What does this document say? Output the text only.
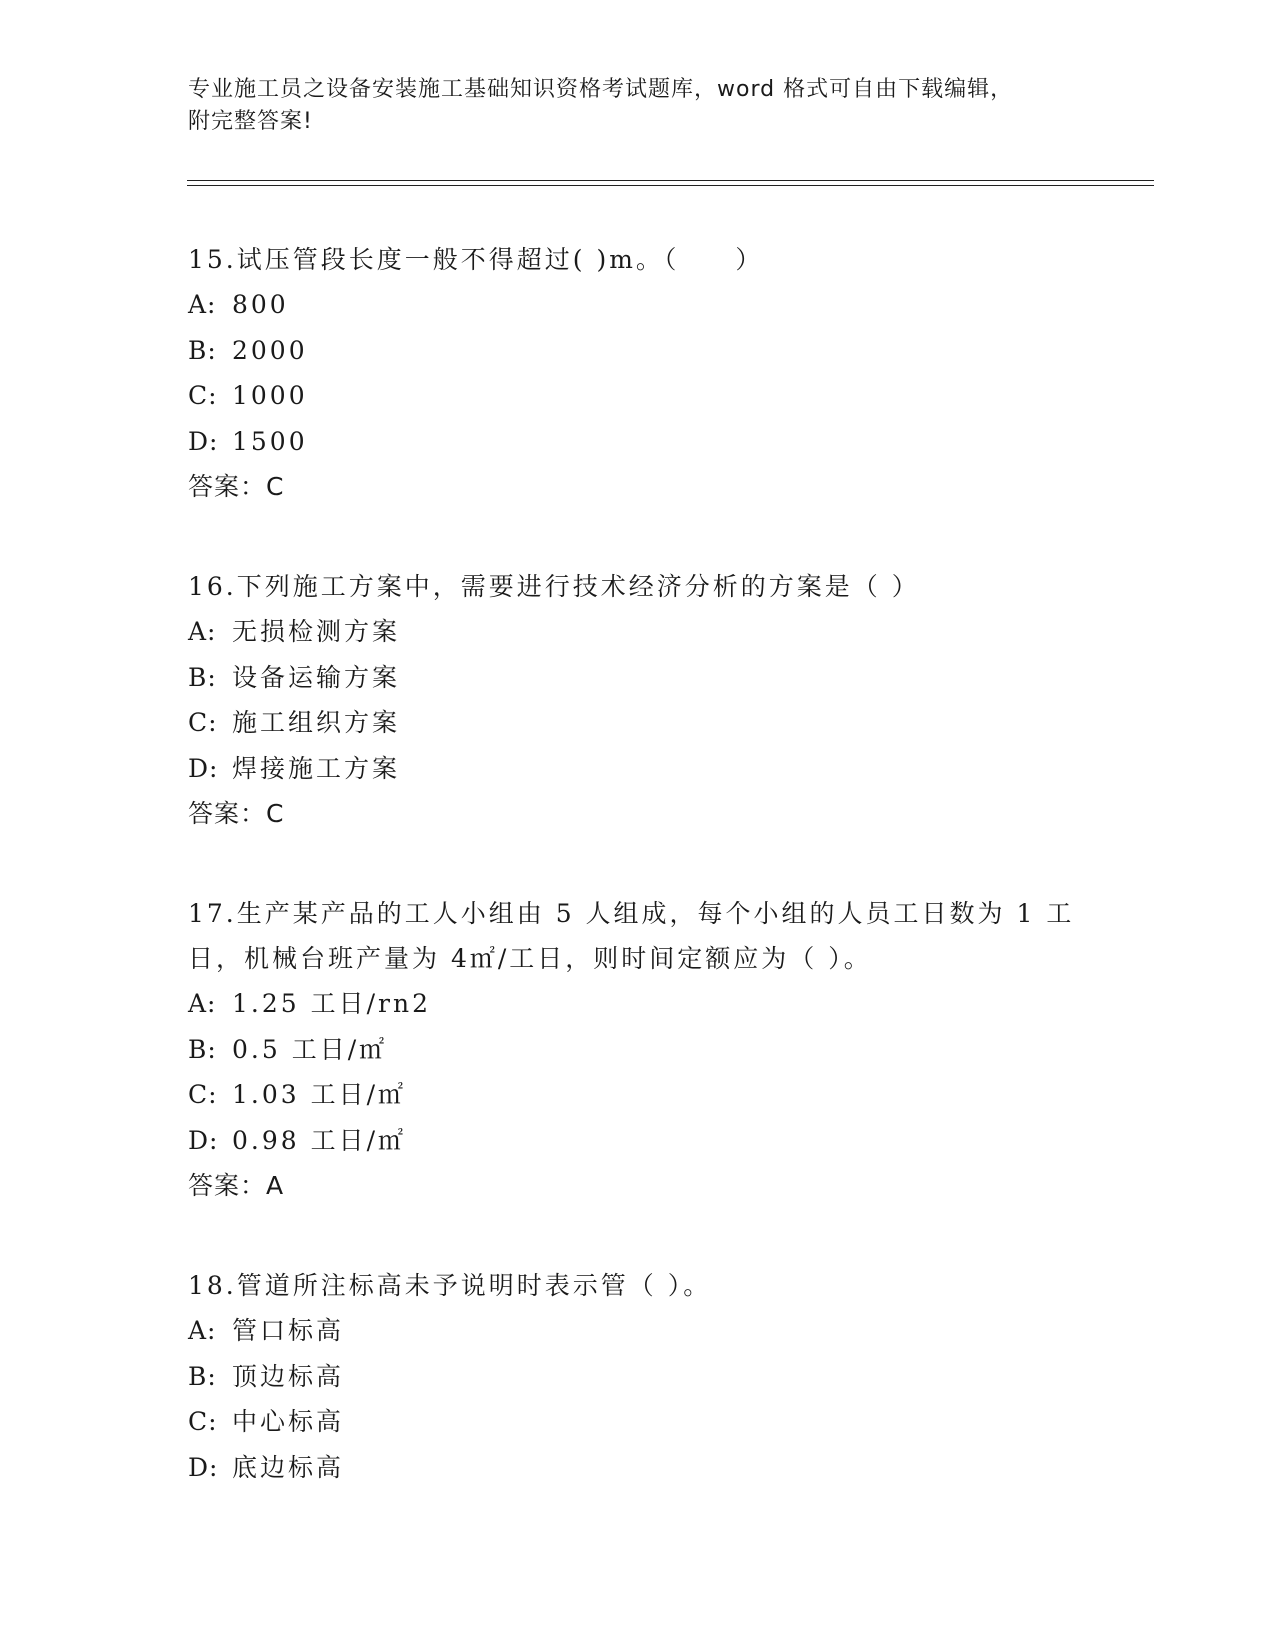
专业施工员之设备安装施工基础知识资格考试题库，word 格式可自由下载编辑，
附完整答案!
15.试压管段长度一般不得超过( )m。（　　）
A: 800
B: 2000
C: 1000
D: 1500
答案：C
16.下列施工方案中，需要进行技术经济分析的方案是（ ）
A: 无损检测方案
B: 设备运输方案
C: 施工组织方案
D: 焊接施工方案
答案：C
17.生产某产品的工人小组由 5 人组成，每个小组的人员工日数为 1 工
日，机械台班产量为 4㎡/工日，则时间定额应为（ ）。
A: 1.25 工日/rn2
B: 0.5 工日/㎡
C: 1.03 工日/㎡
D: 0.98 工日/㎡
答案：A
18.管道所注标高未予说明时表示管（ ）。
A: 管口标高
B: 顶边标高
C: 中心标高
D: 底边标高
